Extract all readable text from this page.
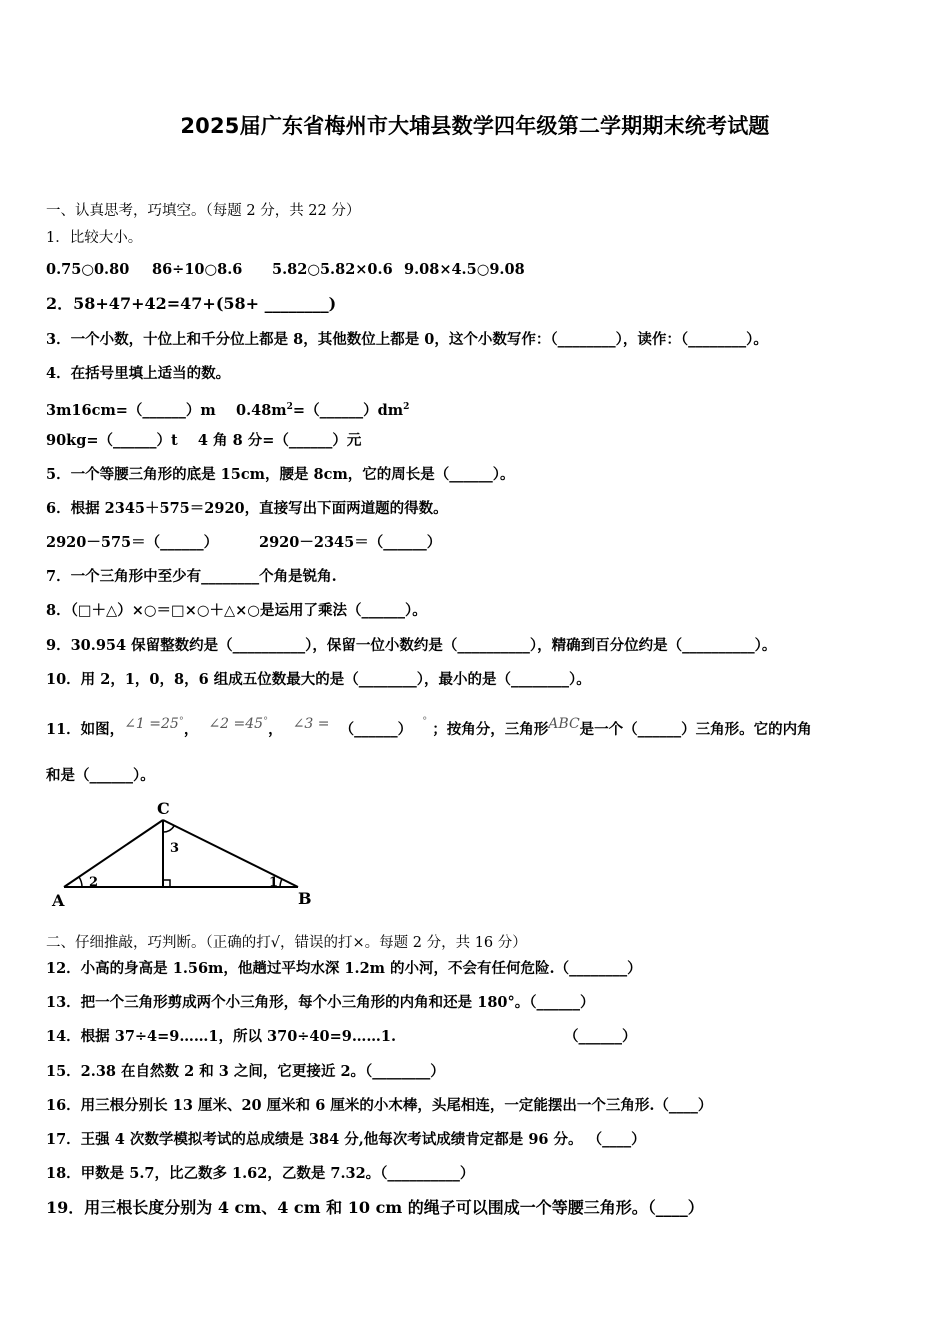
2025届广东省梅州市大埔县数学四年级第二学期期末统考试题
一、认真思考，巧填空。（每题 2 分，共 22 分）
1．比较大小。
0.75○0.80 86÷10○8.6 5.82○5.82×0.6 9.08×4.5○9.08
2．58+47+42=47+(58+ ________)
3．一个小数，十位上和千分位上都是 8，其他数位上都是 0，这个小数写作：（________），读作：（________）。
4．在括号里填上适当的数。
3m16cm=（______）m $0.48m^2=(\_\_\_\_\_\_)dm^2$
90kg=（______）t 4 角 8 分=（______）元
5．一个等腰三角形的底是 15cm，腰是 8cm，它的周长是（______）。
6．根据 2345＋575＝2920，直接写出下面两道题的得数。
2920－575＝（______）	2920－2345＝（______）
7．一个三角形中至少有________个角是锐角.
8．（□＋△）×○＝□×○＋△×○是运用了乘法（______）。
9．30.954 保留整数约是（__________），保留一位小数约是（__________），精确到百分位约是（__________）。
10．用 2，1，0，8，6 组成五位数最大的是（________），最小的是（________）。
11．如图，∠1 =25°， ∠2 =45°， ∠3 = （______） ° ；按角分，三角形ABC是一个（______）三角形。它的内角
和是（______）。
A	B
C
2	1
3
二、仔细推敲，巧判断。（正确的打√，错误的打×。每题 2 分，共 16 分）
12．小高的身高是 1.56m，他趟过平均水深 1.2m 的小河，不会有任何危险.（________）
13．把一个三角形剪成两个小三角形，每个小三角形的内角和还是 180°。（______）
14．根据 37÷4=9……1，所以 370÷40=9……1.	（______）
15．2.38 在自然数 2 和 3 之间，它更接近 2。（________）
16．用三根分别长 13 厘米、20 厘米和 6 厘米的小木棒，头尾相连，一定能摆出一个三角形.（____）
17．王强 4 次数学模拟考试的总成绩是 384 分,他每次考试成绩肯定都是 96 分。 （____）
18．甲数是 5.7，比乙数多 1.62，乙数是 7.32。（__________）
19．用三根长度分别为 4 cm、4 cm 和 10 cm 的绳子可以围成一个等腰三角形。（____）
